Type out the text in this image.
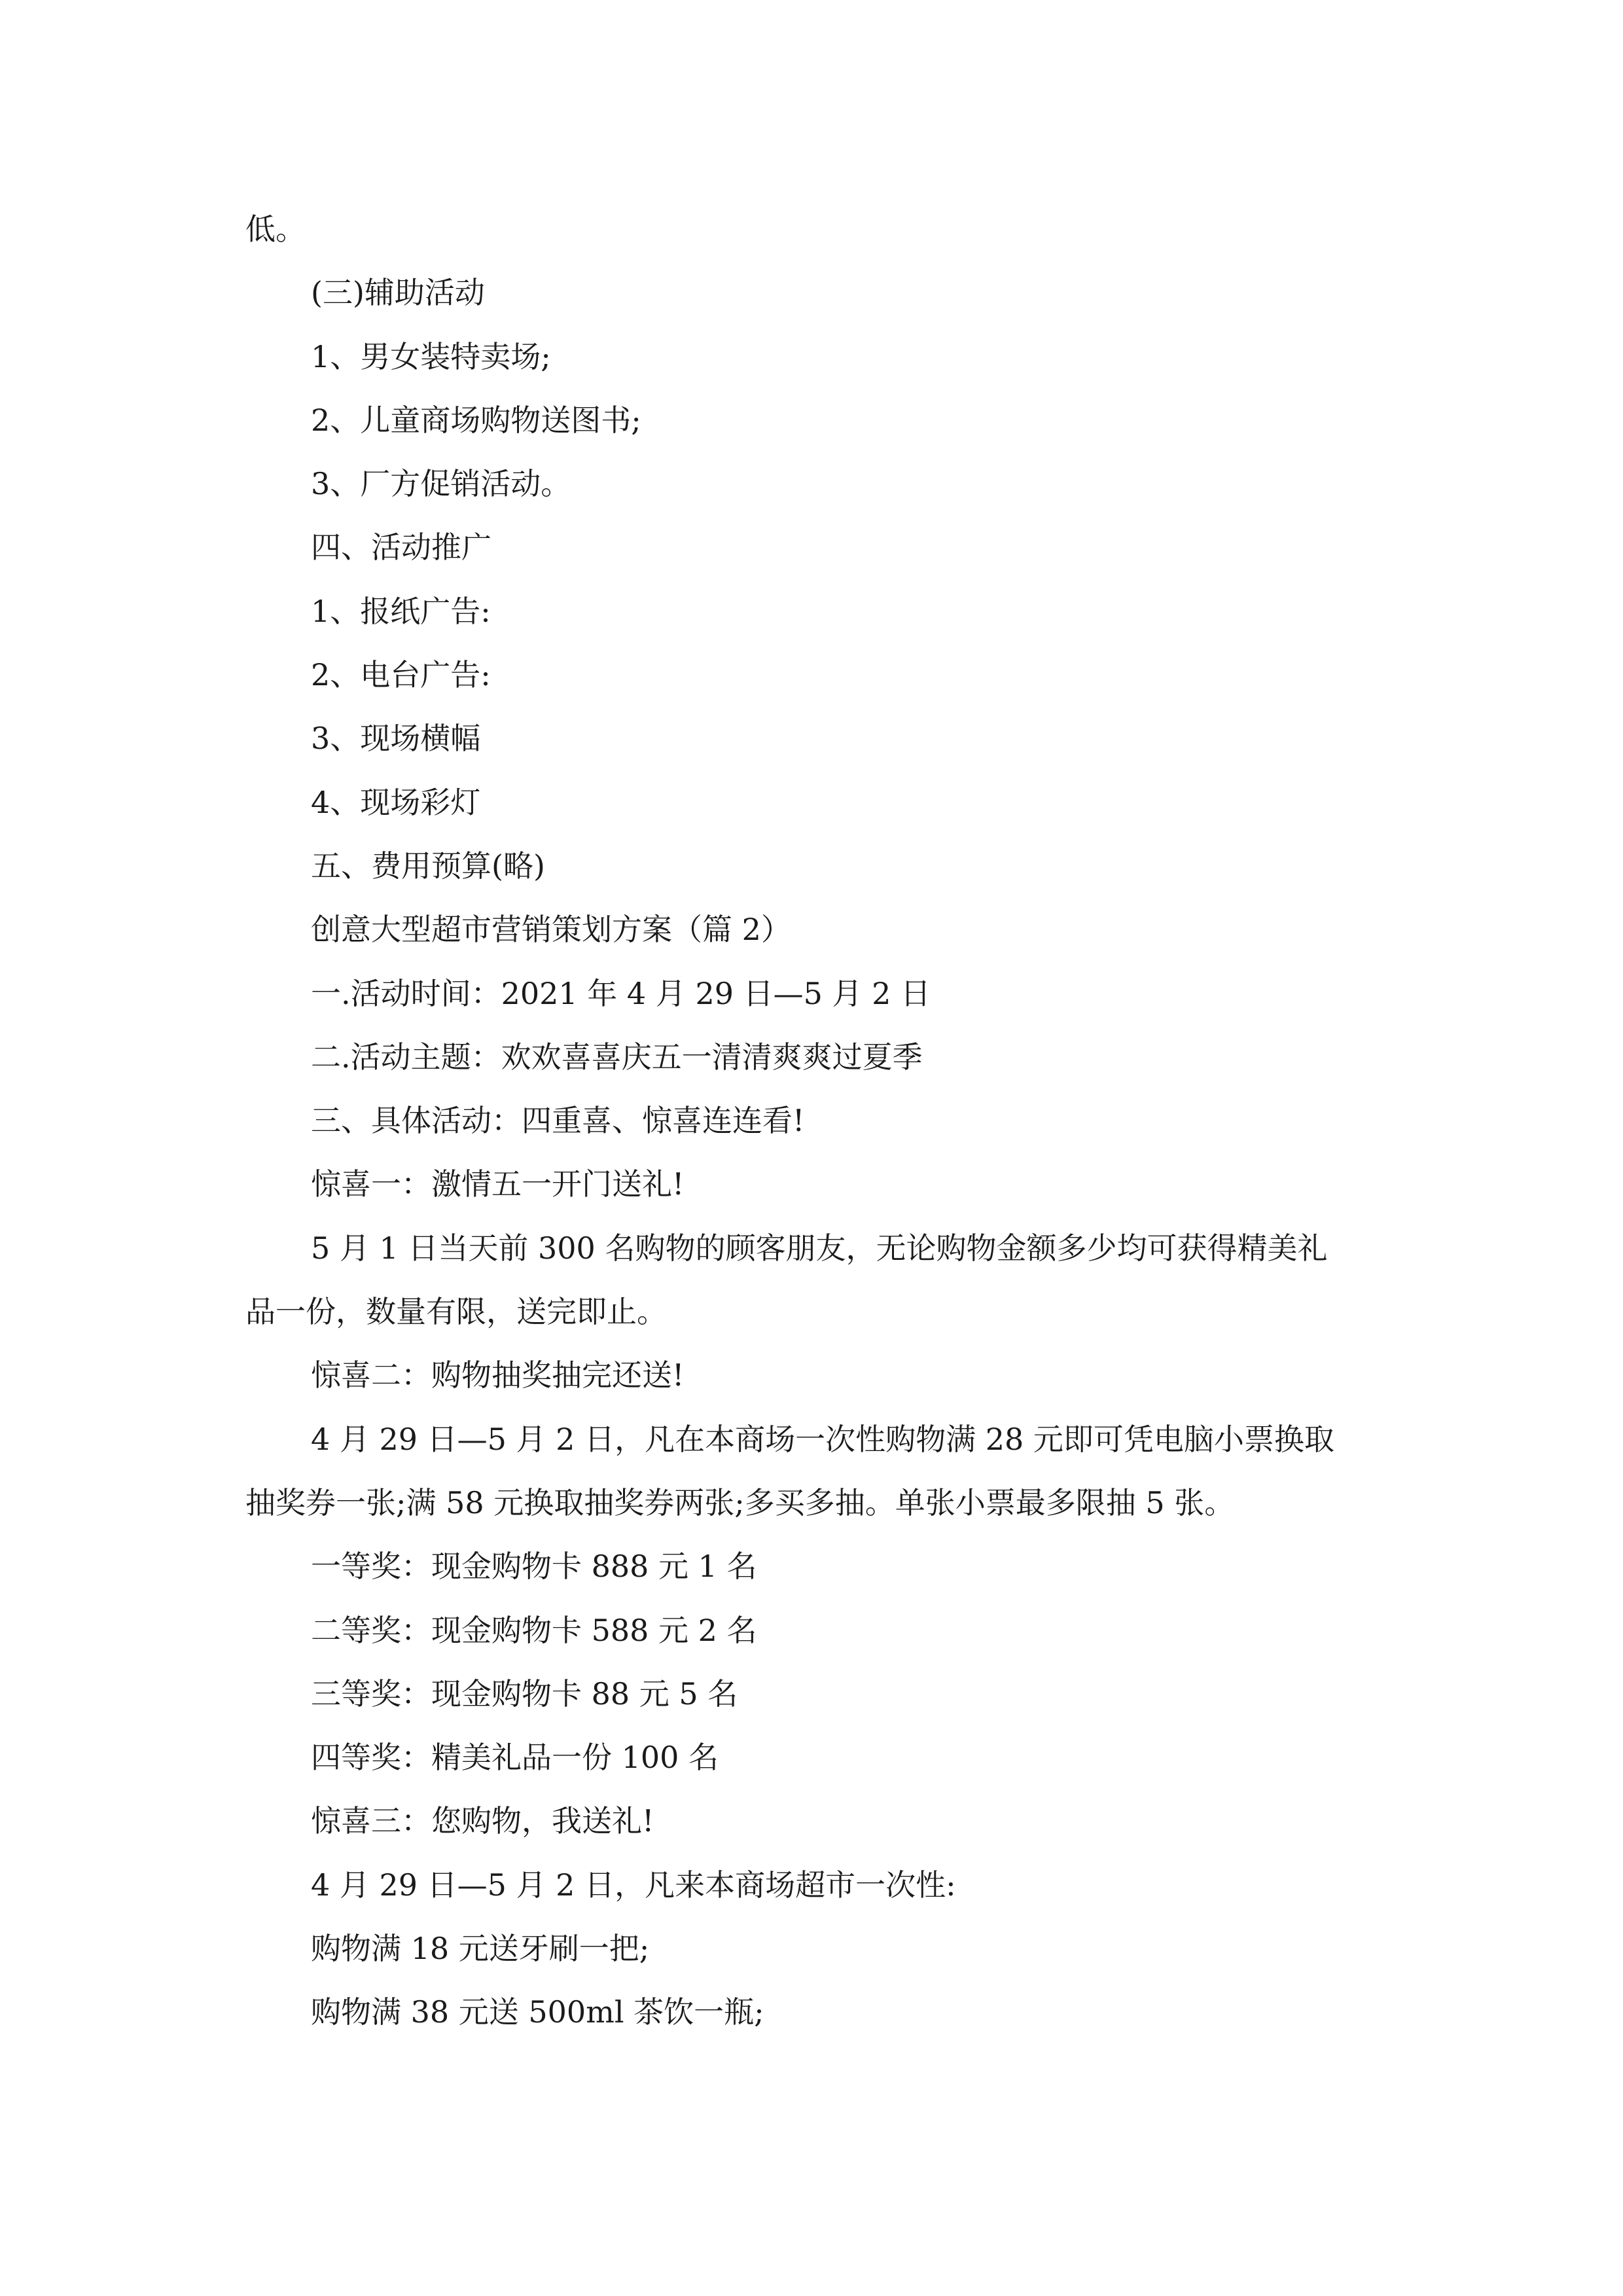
低。
(三)辅助活动
1、男女装特卖场;
2、儿童商场购物送图书;
3、厂方促销活动。
四、活动推广
1、报纸广告:
2、电台广告:
3、现场横幅
4、现场彩灯
五、费用预算(略)
创意大型超市营销策划方案（篇 2）
一.活动时间：2021 年 4 月 29 日—5 月 2 日
二.活动主题：欢欢喜喜庆五一清清爽爽过夏季
三、具体活动：四重喜、惊喜连连看!
惊喜一：激情五一开门送礼!
5 月 1 日当天前 300 名购物的顾客朋友，无论购物金额多少均可获得精美礼
品一份，数量有限，送完即止。
惊喜二：购物抽奖抽完还送!
4 月 29 日—5 月 2 日，凡在本商场一次性购物满 28 元即可凭电脑小票换取
抽奖券一张;满 58 元换取抽奖券两张;多买多抽。单张小票最多限抽 5 张。
一等奖：现金购物卡 888 元 1 名
二等奖：现金购物卡 588 元 2 名
三等奖：现金购物卡 88 元 5 名
四等奖：精美礼品一份 100 名
惊喜三：您购物，我送礼!
4 月 29 日—5 月 2 日，凡来本商场超市一次性:
购物满 18 元送牙刷一把;
购物满 38 元送 500ml 茶饮一瓶;
